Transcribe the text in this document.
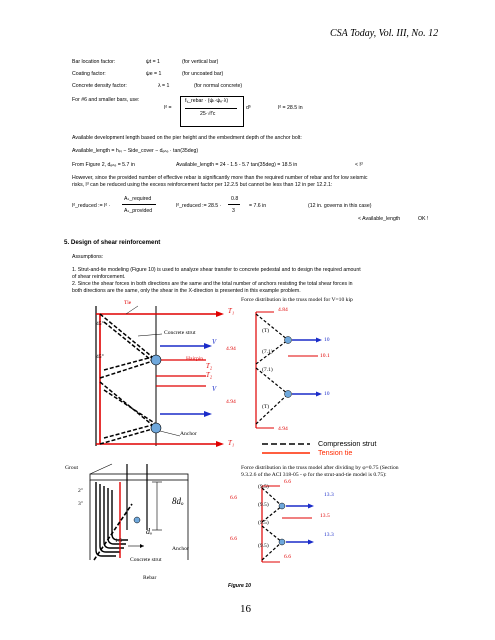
CSA Today, Vol. III, No. 12
Bar location factor:	ψt = 1	(for vertical bar)
Coating factor:	ψe = 1	(for uncoated bar)
Concrete density factor:	λ = 1	(for normal concrete)
For #6 and smaller bars, use:
lᵈ =
fᵧ_rebar · (ψₜ·ψₑ·λ)
25·√f'c
dᵇ	lᵈ = 28.5 in
Available development length based on the pier height and the embedment depth of the anchor bolt:
Available_length = hₚᵢ − Side_cover − dₑₙₑ · tan(35deg)
From Figure 2, dₑₙₑ = 5.7 in	Available_length = 24 - 1.5 - 5.7 tan(35deg) = 18.5 in	< lᵈ
However, since the provided number of effective rebar is significantly more than the required number of rebar and for low seismic
risks, lᵈ can be reduced using the excess reinforcement factor per 12.2.5 but cannot be less than 12 in per 12.2.1:
lᵈ_reduced := lᵈ ·
Aₛ_required
Aₛ_provided
lᵈ_reduced := 28.5 ·
0.8
3
= 7.6 in	(12 in. governs in this case)
< Available_length	OK !
5. Design of shear reinforcement
Assumptions:
1. Strut-and-tie modeling (Figure 10) is used to analyze shear transfer to concrete pedestal and to design the required amount
of shear reinforcement.
2. Since the shear forces in both directions are the same and the total number of anchors resisting the total shear forces in
both directions are the same, only the shear in the X-direction is presented in this example problem.
Tie
T₁
45°
Concrete strut
V
45°	Hairpin
T₂
T₂
V
Anchor
T₁
Grout
2"
3"	8dₒ
dₒ
1.5
Anchor
Concrete strut
Rebar
Force distribution in the truss model for V=10 kip
4.84
4.94
(T)
(7.1)
10
10.1
(7.1)
10
4.94
(T)
4.94
Compression strut
Tension tie
Force distribution in the truss model after dividing by φ=0.75 (Section
9.3.2.6 of the ACI 318-05 - φ for the strut-and-tie model is 0.75):
6.6
6.6
(9.5)
13.3
(9.5)
13.5
(9.5)
13.3
6.6
(9.5)
6.6
Figure 10
16
